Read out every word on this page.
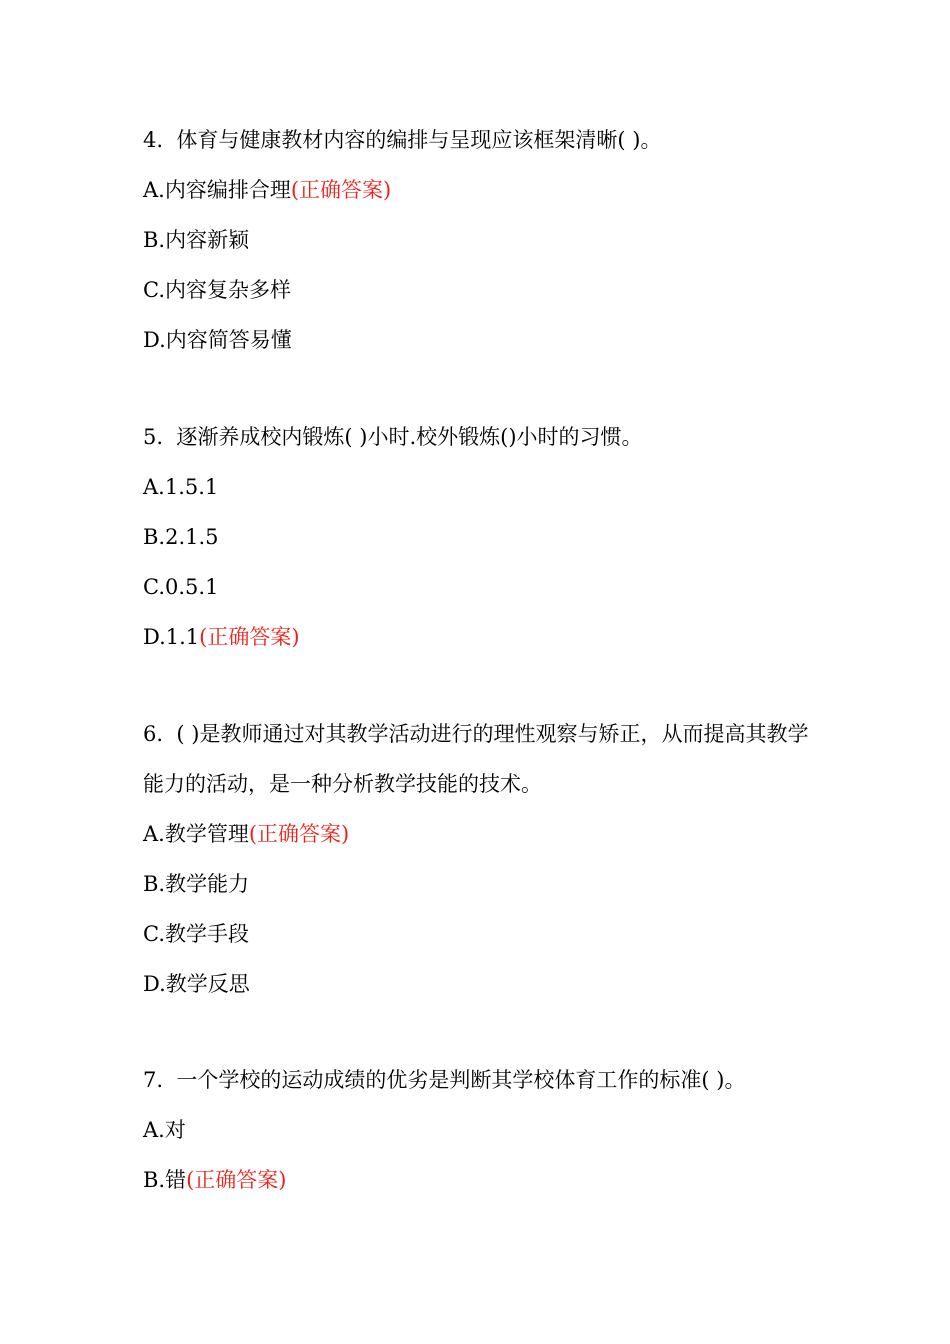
4.  体育与健康教材内容的编排与呈现应该框架清晰( )。

A.内容编排合理(正确答案)
B.内容新颖
C.内容复杂多样
D.内容简答易懂

5.  逐渐养成校内锻炼( )小时.校外锻炼()小时的习惯。

A.1.5.1
B.2.1.5
C.0.5.1
D.1.1(正确答案)

6.  ( )是教师通过对其教学活动进行的理性观察与矫正，从而提高其教学能力的活动，是一种分析教学技能的技术。

A.教学管理(正确答案)
B.教学能力
C.教学手段
D.教学反思

7.  一个学校的运动成绩的优劣是判断其学校体育工作的标准( )。

A.对
B.错(正确答案)
